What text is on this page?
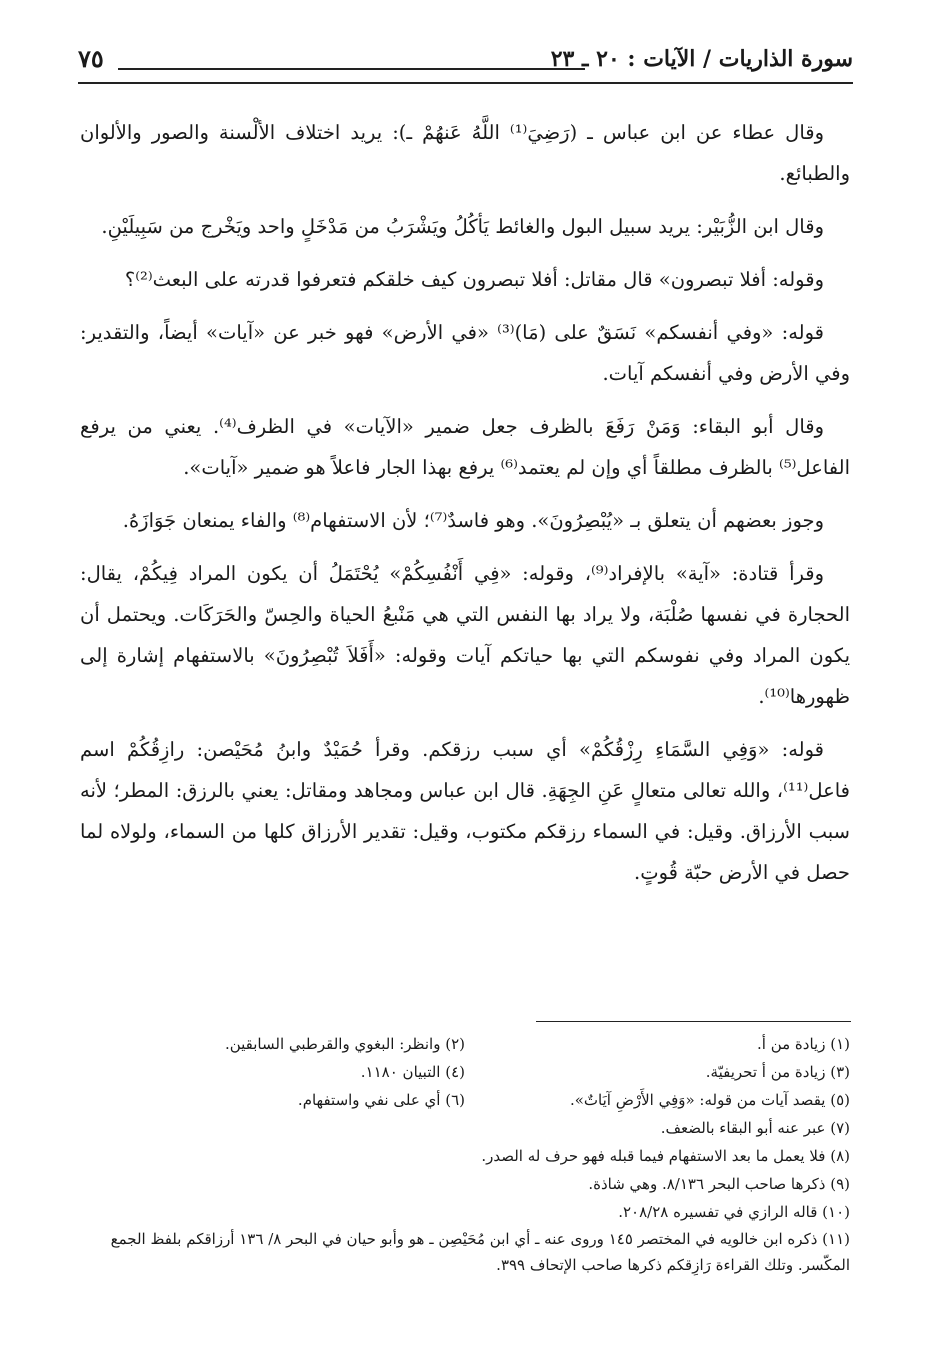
سورة الذاريات / الآيات : ٢٠ ـ ٢٣
٧٥

وقال عطاء عن ابن عباس ـ (رَضِيَ⁽¹⁾ اللَّهُ عَنهُمْ ـ): يريد اختلاف الألْسنة والصور والألوان والطبائع.

وقال ابن الزُّبَيْر: يريد سبيل البول والغائط يَأكُلُ ويَشْرَبُ من مَدْخَلٍ واحد ويَخْرج من سَبِيلَيْنِ.

وقوله: أفلا تبصرون» قال مقاتل: أفلا تبصرون كيف خلقكم فتعرفوا قدرته على البعث⁽²⁾؟

قوله: «وفي أنفسكم» نَسَقٌ على (مَا)⁽³⁾ «في الأرض» فهو خبر عن «آيات» أيضاً، والتقدير: وفي الأرض وفي أنفسكم آيات.

وقال أبو البقاء: وَمَنْ رَفَعَ بالظرف جعل ضمير «الآيات» في الظرف⁽⁴⁾. يعني من يرفع الفاعل⁽⁵⁾ بالظرف مطلقاً أي وإن لم يعتمد⁽⁶⁾ يرفع بهذا الجار فاعلاً هو ضمير «آيات».

وجوز بعضهم أن يتعلق بـ «يُبْصِرُونَ». وهو فاسدٌ⁽⁷⁾؛ لأن الاستفهام⁽⁸⁾ والفاء يمنعان جَوَازَهُ.

وقرأ قتادة: «آية» بالإفراد⁽⁹⁾، وقوله: «فِي أَنْفُسِكُمْ» يُحْتَمَلُ أن يكون المراد فِيكُمْ، يقال: الحجارة في نفسها صُلْبَة، ولا يراد بها النفس التي هي مَنْبعُ الحياة والحِسّ والحَرَكَات. ويحتمل أن يكون المراد وفي نفوسكم التي بها حياتكم آيات وقوله: «أَفَلاَ تُبْصِرُونَ» بالاستفهام إشارة إلى ظهورها⁽¹⁰⁾.

قوله: «وَفِي السَّمَاءِ رِزْقُكُمْ» أي سبب رزقكم. وقرأ حُمَيْدٌ وابنُ مُحَيْصن: رازِقُكُمْ اسم فاعل⁽¹¹⁾، والله تعالى متعالٍ عَنِ الجِهَةِ. قال ابن عباس ومجاهد ومقاتل: يعني بالرزق: المطر؛ لأنه سبب الأرزاق. وقيل: في السماء رزقكم مكتوب، وقيل: تقدير الأرزاق كلها من السماء، ولولاه لما حصل في الأرض حبّة قُوتٍ.

(١) زيادة من أ.
(٢) وانظر: البغوي والقرطبي السابقين.
(٣) زيادة من أ تحريفيّة.
(٤) التبيان ١١٨٠.
(٥) يقصد آيات من قوله: «وَفِي الأَرْضِ آيَاتٌ».
(٦) أي على نفي واستفهام.
(٧) عبر عنه أبو البقاء بالضعف.
(٨) فلا يعمل ما بعد الاستفهام فيما قبله فهو حرف له الصدر.
(٩) ذكرها صاحب البحر ٨/١٣٦. وهي شاذة.
(١٠) قاله الرازي في تفسيره ٢٠٨/٢٨.
(١١) ذكره ابن خالويه في المختصر ١٤٥ وروى عنه ـ أي ابن مُحَيْصِن ـ هو وأبو حيان في البحر ٨/ ١٣٦ أرزاقكم بلفظ الجمع المكّسر. وتلك القراءة رَازِقكم ذكرها صاحب الإتحاف ٣٩٩.
